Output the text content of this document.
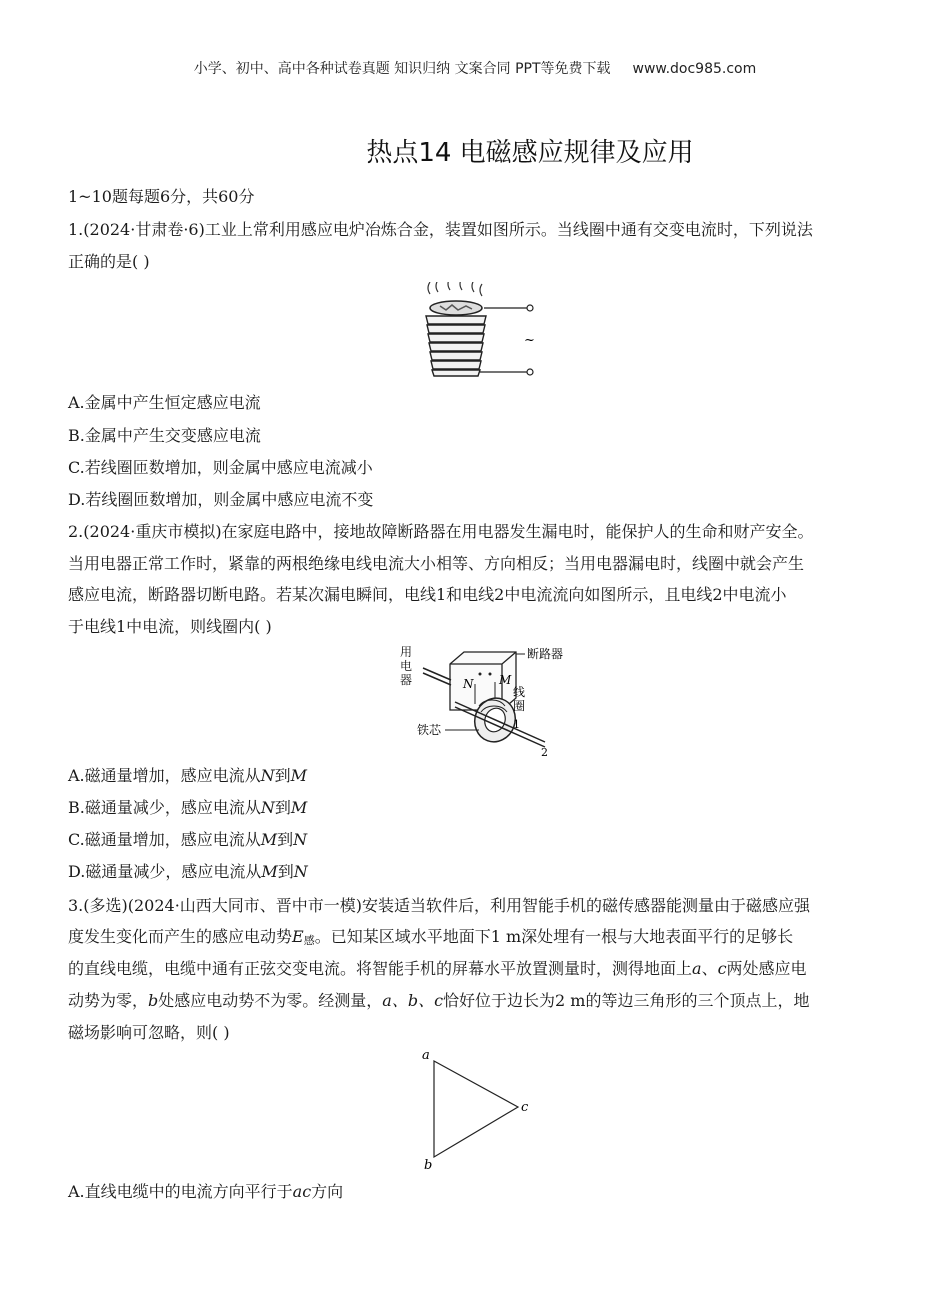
小学、初中、高中各种试卷真题 知识归纳 文案合同 PPT等免费下载 www.doc985.com
热点14 电磁感应规律及应用
1~10题每题6分，共60分
1.(2024·甘肃卷·6)工业上常利用感应电炉冶炼合金，装置如图所示。当线圈中通有交变电流时，下列说法
正确的是( )
~
A.金属中产生恒定感应电流
B.金属中产生交变感应电流
C.若线圈匝数增加，则金属中感应电流减小
D.若线圈匝数增加，则金属中感应电流不变
2.(2024·重庆市模拟)在家庭电路中，接地故障断路器在用电器发生漏电时，能保护人的生命和财产安全。
当用电器正常工作时，紧靠的两根绝缘电线电流大小相等、方向相反；当用电器漏电时，线圈中就会产生
感应电流，断路器切断电路。若某次漏电瞬间，电线1和电线2中电流流向如图所示，且电线2中电流小
于电线1中电流，则线圈内( )
用
电
器
断路器
N M
线
圈
1
2
铁芯
A.磁通量增加，感应电流从N到M
B.磁通量减少，感应电流从N到M
C.磁通量增加，感应电流从M到N
D.磁通量减少，感应电流从M到N
3.(多选)(2024·山西大同市、晋中市一模)安装适当软件后，利用智能手机的磁传感器能测量由于磁感应强
度发生变化而产生的感应电动势E感。已知某区域水平地面下1 m深处埋有一根与大地表面平行的足够长
的直线电缆，电缆中通有正弦交变电流。将智能手机的屏幕水平放置测量时，测得地面上a、c两处感应电
动势为零，b处感应电动势不为零。经测量，a、b、c恰好位于边长为2 m的等边三角形的三个顶点上，地
磁场影响可忽略，则( )
a
b
c
A.直线电缆中的电流方向平行于ac方向
